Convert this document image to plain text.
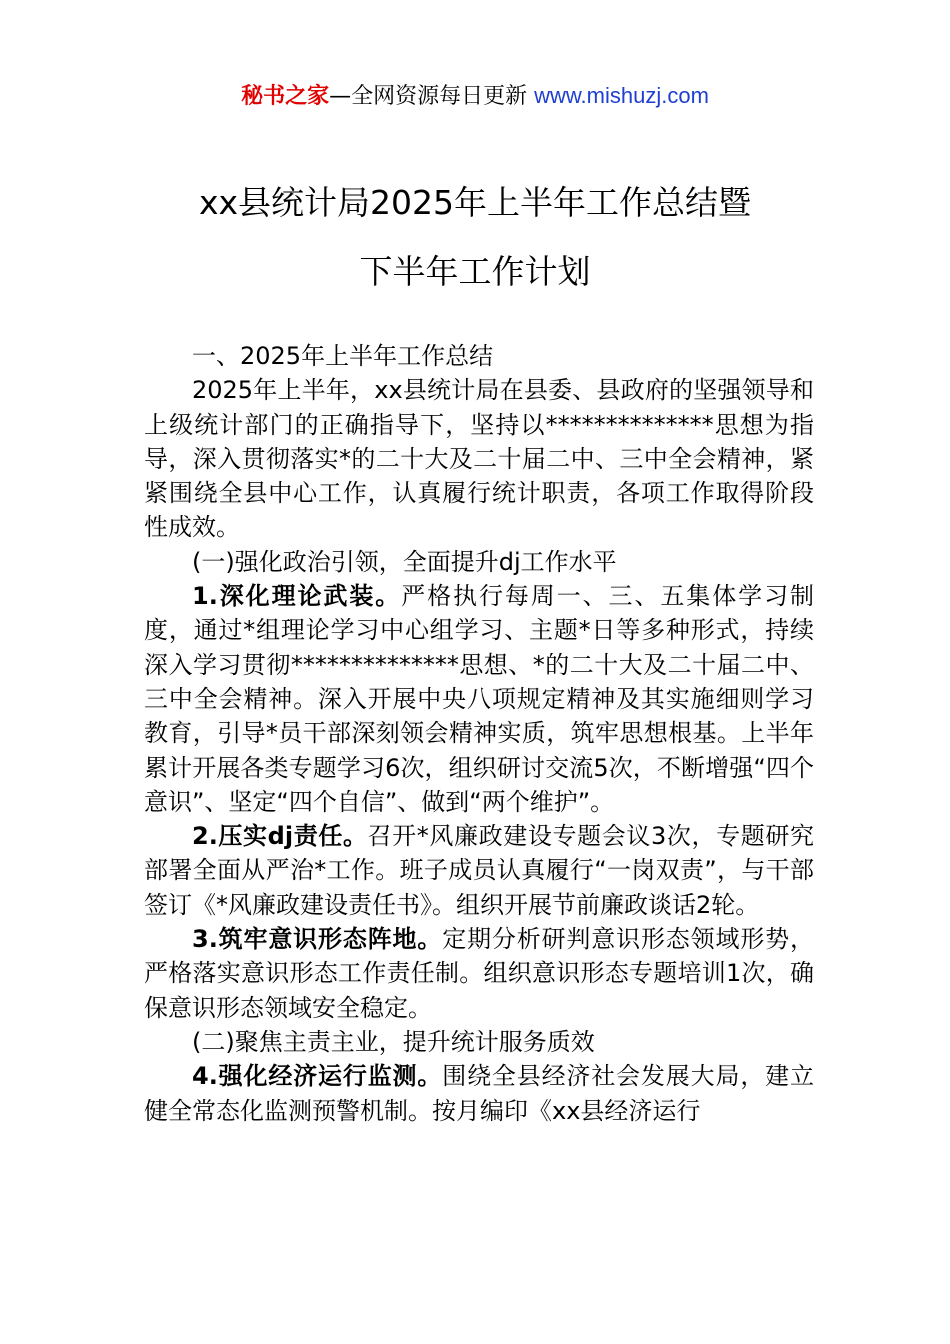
秘书之家—全网资源每日更新 www.mishuzj.com
xx县统计局2025年上半年工作总结暨
下半年工作计划

一、2025年上半年工作总结

2025年上半年，xx县统计局在县委、县政府的坚强领导和上级统计部门的正确指导下，坚持以**************思想为指导，深入贯彻落实*的二十大及二十届二中、三中全会精神，紧紧围绕全县中心工作，认真履行统计职责，各项工作取得阶段性成效。

(一)强化政治引领，全面提升dj工作水平

1.深化理论武装。严格执行每周一、三、五集体学习制度，通过*组理论学习中心组学习、主题*日等多种形式，持续深入学习贯彻**************思想、*的二十大及二十届二中、三中全会精神。深入开展中央八项规定精神及其实施细则学习教育，引导*员干部深刻领会精神实质，筑牢思想根基。上半年累计开展各类专题学习6次，组织研讨交流5次，不断增强“四个意识”、坚定“四个自信”、做到“两个维护”。

2.压实dj责任。召开*风廉政建设专题会议3次，专题研究部署全面从严治*工作。班子成员认真履行“一岗双责”，与干部签订《*风廉政建设责任书》。组织开展节前廉政谈话2轮。

3.筑牢意识形态阵地。定期分析研判意识形态领域形势，严格落实意识形态工作责任制。组织意识形态专题培训1次，确保意识形态领域安全稳定。

(二)聚焦主责主业，提升统计服务质效

4.强化经济运行监测。围绕全县经济社会发展大局，建立健全常态化监测预警机制。按月编印《xx县经济运行
